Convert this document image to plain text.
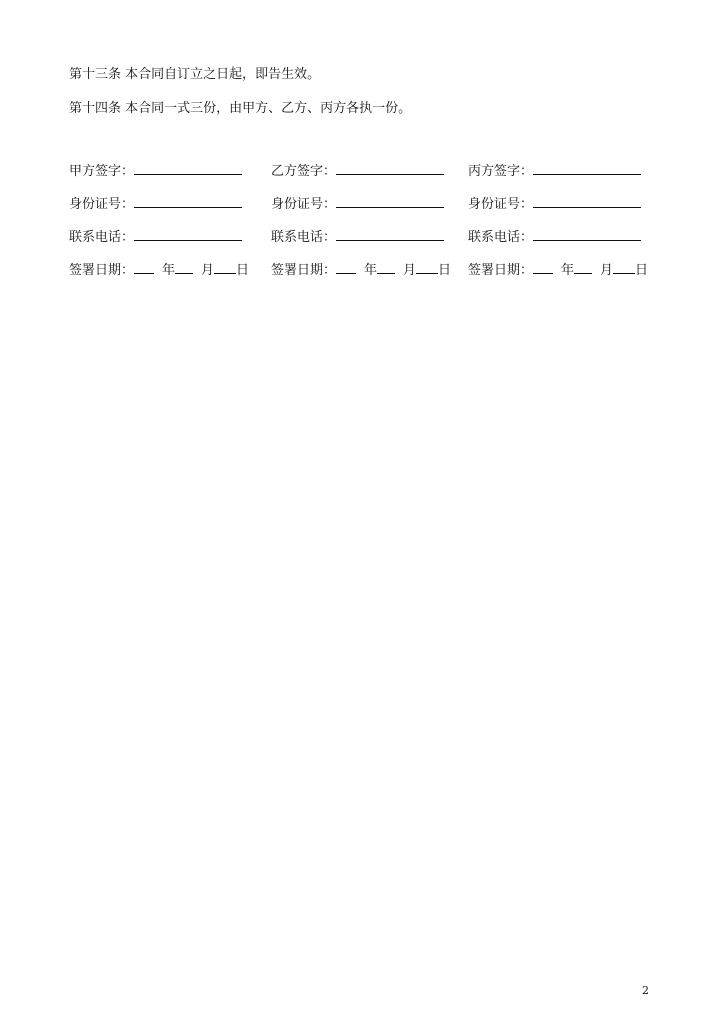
第十三条 本合同自订立之日起，即告生效。
第十四条 本合同一式三份，由甲方、乙方、丙方各执一份。
甲方签字：	乙方签字：	丙方签字：
身份证号：	身份证号：	身份证号：
联系电话：	联系电话：	联系电话：
签署日期： 年 月 日 签署日期： 年 月 日 签署日期： 年 月 日
2
